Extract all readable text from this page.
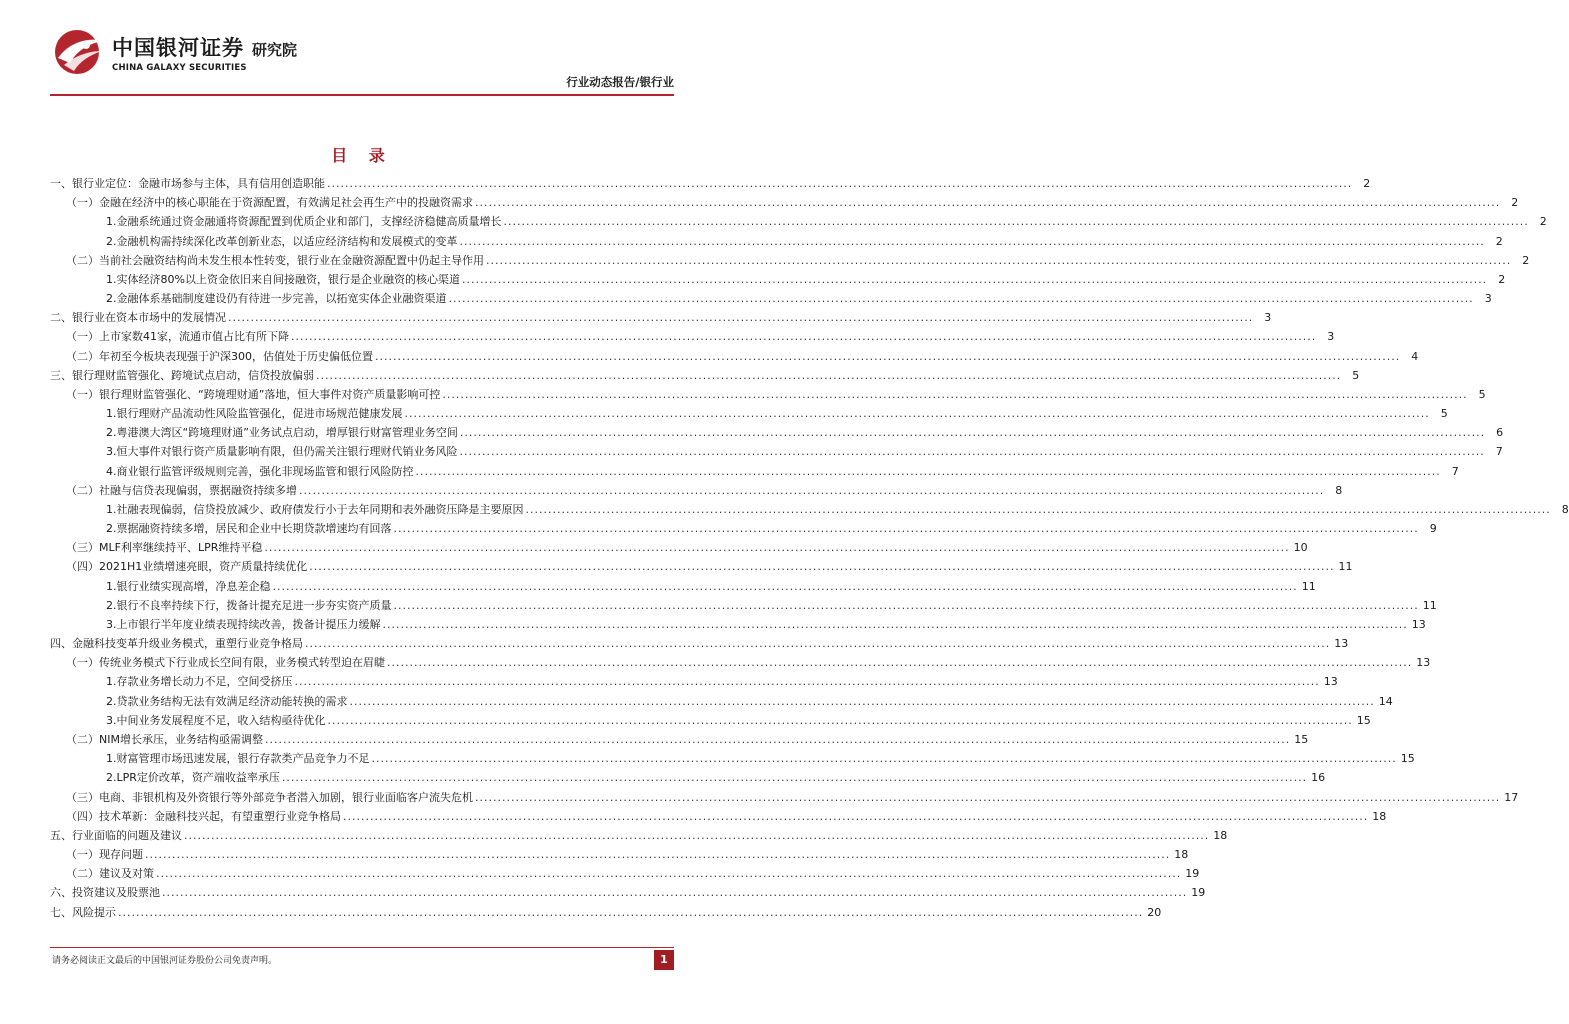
中国银河证券 研究院
CHINA GALAXY SECURITIES
行业动态报告/银行业
目 录
一、银行业定位：金融市场参与主体，具有信用创造职能 .....	2
（一）金融在经济中的核心职能在于资源配置，有效满足社会再生产中的投融资需求 .....	2
1.金融系统通过资金融通将资源配置到优质企业和部门，支撑经济稳健高质量增长 .....	2
2.金融机构需持续深化改革创新业态，以适应经济结构和发展模式的变革 .....	2
（二）当前社会融资结构尚未发生根本性转变，银行业在金融资源配置中仍起主导作用 .....	2
1.实体经济80%以上资金依旧来自间接融资，银行是企业融资的核心渠道 .....	2
2.金融体系基础制度建设仍有待进一步完善，以拓宽实体企业融资渠道 .....	3
二、银行业在资本市场中的发展情况 .....	3
（一）上市家数41家，流通市值占比有所下降 .....	3
（二）年初至今板块表现强于沪深300，估值处于历史偏低位置 .....	4
三、银行理财监管强化、跨境试点启动，信贷投放偏弱 .....	5
（一）银行理财监管强化、“跨境理财通”落地，恒大事件对资产质量影响可控 .....	5
1.银行理财产品流动性风险监管强化，促进市场规范健康发展 .....	5
2.粤港澳大湾区“跨境理财通”业务试点启动，增厚银行财富管理业务空间 .....	6
3.恒大事件对银行资产质量影响有限，但仍需关注银行理财代销业务风险 .....	7
4.商业银行监管评级规则完善，强化非现场监管和银行风险防控 .....	7
（二）社融与信贷表现偏弱，票据融资持续多增 .....	8
1.社融表现偏弱，信贷投放减少、政府债发行小于去年同期和表外融资压降是主要原因 .....	8
2.票据融资持续多增，居民和企业中长期贷款增速均有回落 .....	9
（三）MLF利率继续持平、LPR维持平稳 .....	10
（四）2021H1业绩增速亮眼，资产质量持续优化 .....	11
1.银行业绩实现高增，净息差企稳 .....	11
2.银行不良率持续下行，拨备计提充足进一步夯实资产质量 .....	11
3.上市银行半年度业绩表现持续改善，拨备计提压力缓解 .....	13
四、金融科技变革升级业务模式，重塑行业竞争格局 .....	13
（一）传统业务模式下行业成长空间有限，业务模式转型迫在眉睫 .....	13
1.存款业务增长动力不足，空间受挤压 .....	13
2.贷款业务结构无法有效满足经济动能转换的需求 .....	14
3.中间业务发展程度不足，收入结构亟待优化 .....	15
（二）NIM增长承压，业务结构亟需调整 .....	15
1.财富管理市场迅速发展，银行存款类产品竞争力不足 .....	15
2.LPR定价改革，资产端收益率承压 .....	16
（三）电商、非银机构及外资银行等外部竞争者潜入加剧，银行业面临客户流失危机 .....	17
（四）技术革新：金融科技兴起，有望重塑行业竞争格局 .....	18
五、行业面临的问题及建议 .....	18
（一）现存问题 .....	18
（二）建议及对策 .....	19
六、投资建议及股票池 .....	19
七、风险提示 .....	20
请务必阅读正文最后的中国银河证券股份公司免责声明。	1
